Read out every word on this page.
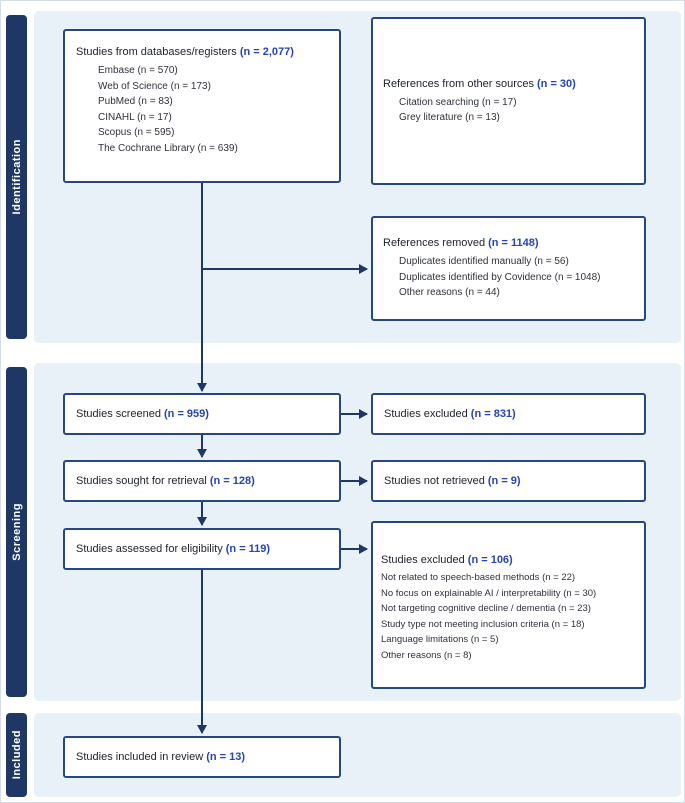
Identification
Screening
Included
Studies from databases/registers (n = 2,077)
Embase (n = 570)
Web of Science (n = 173)
PubMed (n = 83)
CINAHL (n = 17)
Scopus (n = 595)
The Cochrane Library (n = 639)
References from other sources (n = 30)
Citation searching (n = 17)
Grey literature (n = 13)
References removed (n = 1148)
Duplicates identified manually (n = 56)
Duplicates identified by Covidence (n = 1048)
Other reasons (n = 44)
Studies screened (n = 959)	Studies excluded (n = 831)
Studies sought for retrieval (n = 128)	Studies not retrieved (n = 9)
Studies assessed for eligibility (n = 119)
Studies excluded (n = 106)
Not related to speech-based methods (n = 22)
No focus on explainable AI / interpretability (n = 30)
Not targeting cognitive decline / dementia (n = 23)
Study type not meeting inclusion criteria (n = 18)
Language limitations (n = 5)
Other reasons (n = 8)
Studies included in review (n = 13)
